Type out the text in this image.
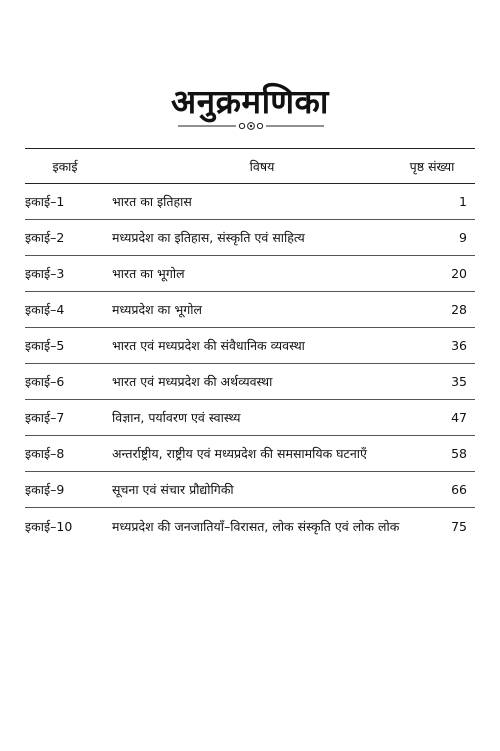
अनुक्रमणिका
इकाई	विषय	पृष्ठ संख्या
इकाई–1	भारत का इतिहास	1
इकाई–2	मध्यप्रदेश का इतिहास, संस्कृति एवं साहित्य	9
इकाई–3	भारत का भूगोल	20
इकाई–4	मध्यप्रदेश का भूगोल	28
इकाई–5	भारत एवं मध्यप्रदेश की संवैधानिक व्यवस्था	36
इकाई–6	भारत एवं मध्यप्रदेश की अर्थव्यवस्था	35
इकाई–7	विज्ञान, पर्यावरण एवं स्वास्थ्य	47
इकाई–8	अन्तर्राष्ट्रीय, राष्ट्रीय एवं मध्यप्रदेश की समसामयिक घटनाएँ	58
इकाई–9	सूचना एवं संचार प्रौद्योगिकी	66
इकाई–10	मध्यप्रदेश की जनजातियाँ–विरासत, लोक संस्कृति एवं लोक लोक	75
